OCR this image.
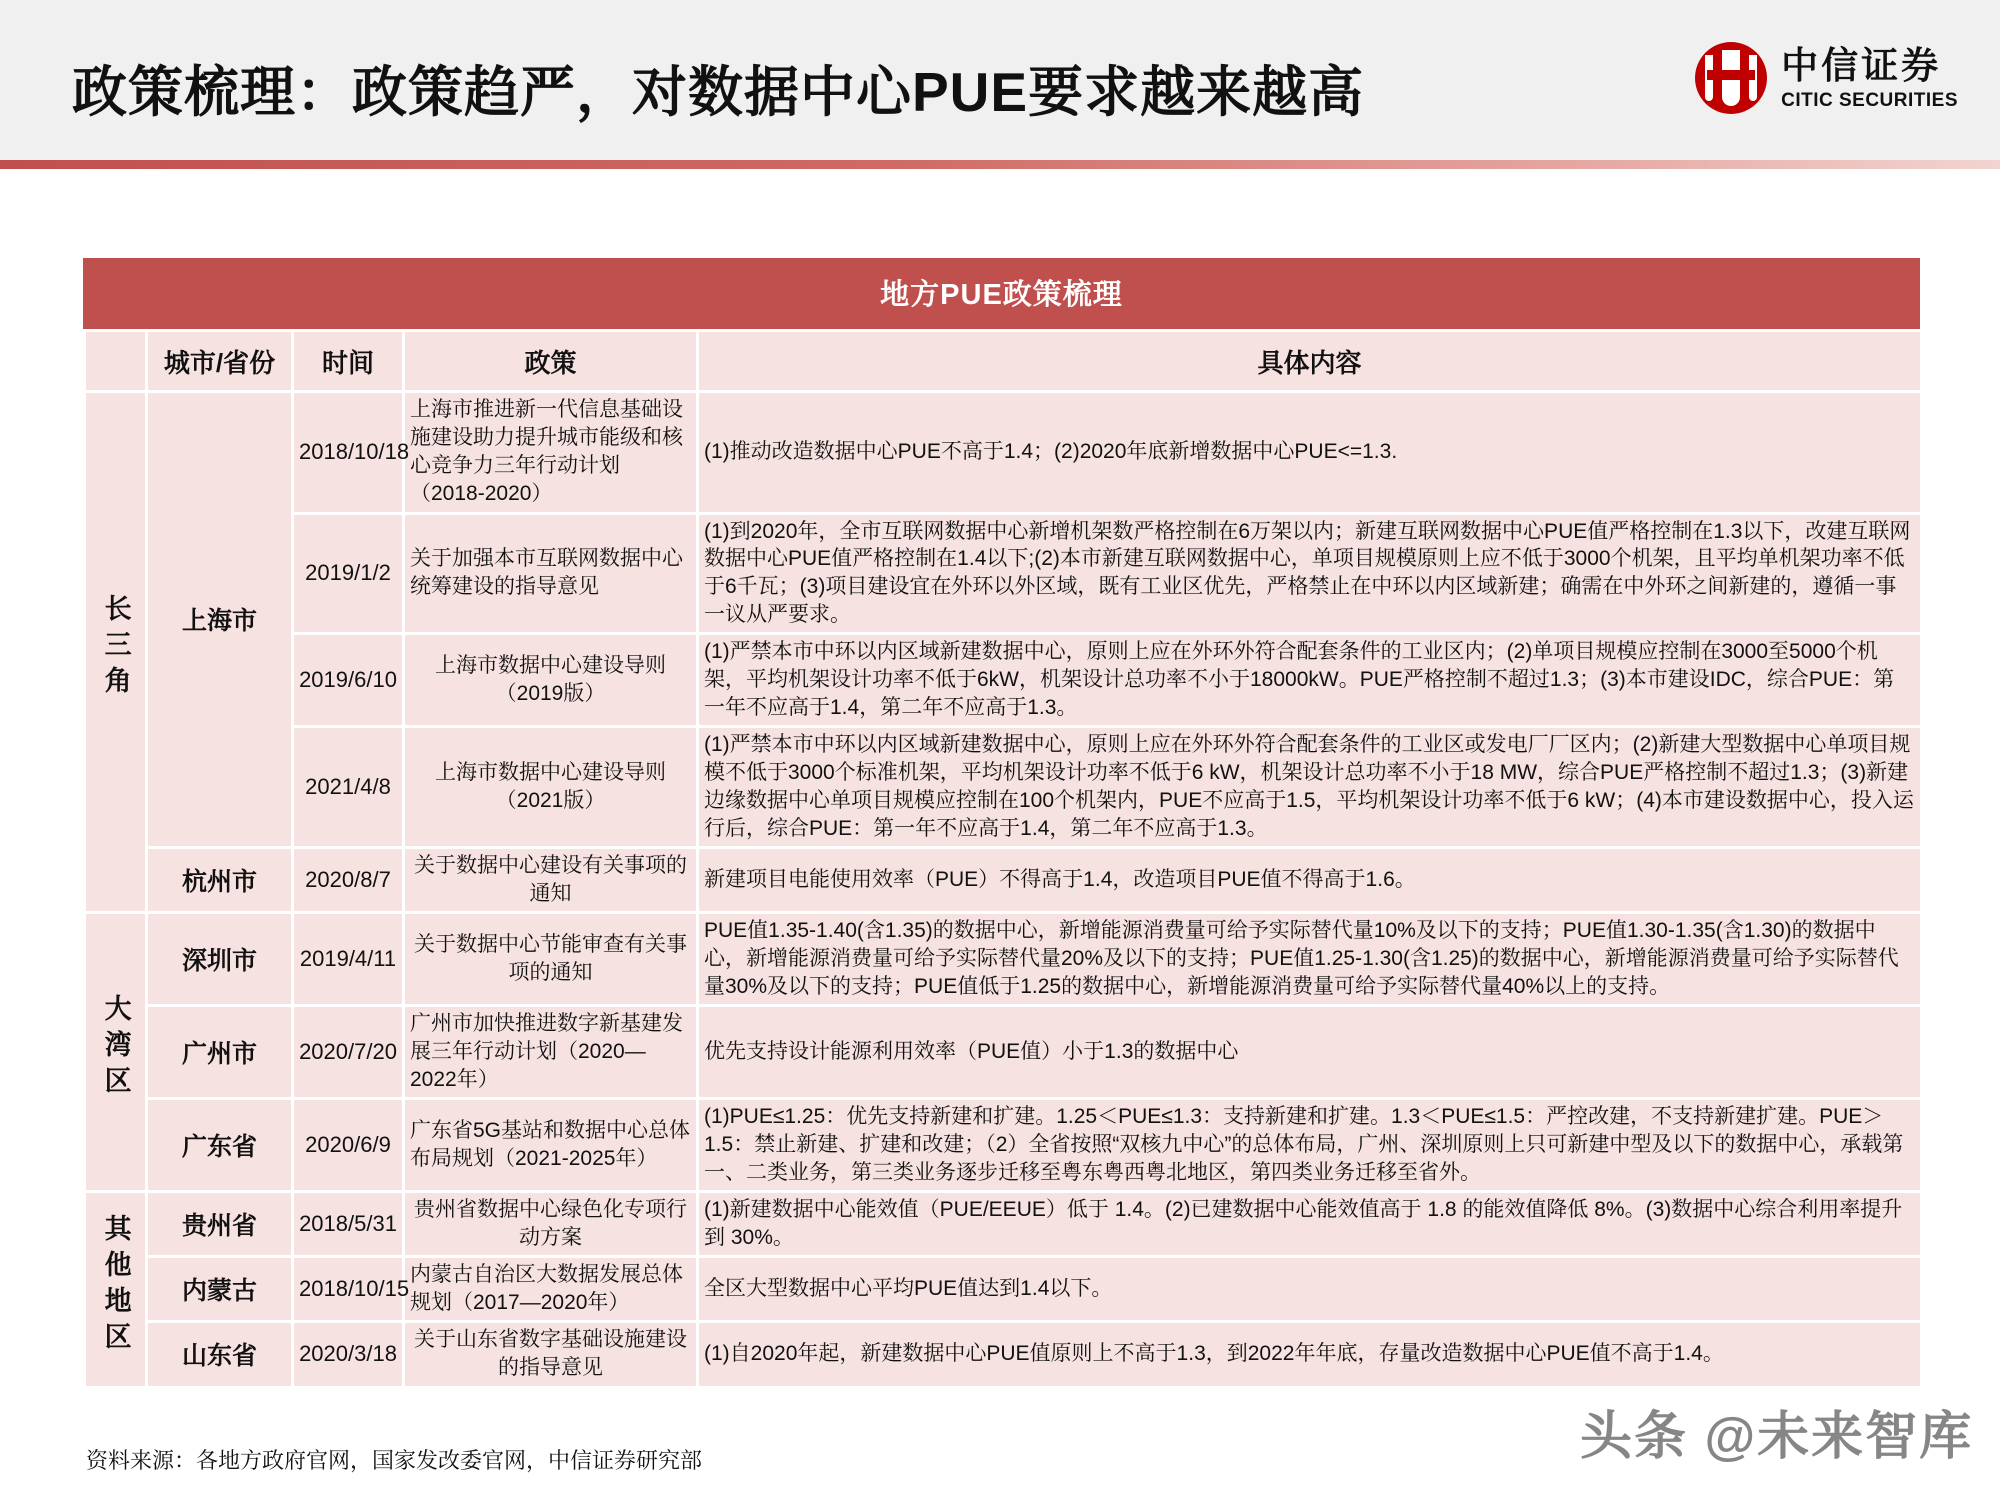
政策梳理：政策趋严，对数据中心PUE要求越来越高	中信证券
CITIC SECURITIES
地方PUE政策梳理
	城市/省份	时间	政策	具体内容
长三角	上海市	2018/10/18	上海市推进新一代信息基础设施建设助力提升城市能级和核心竞争力三年行动计划（2018-2020）	(1)推动改造数据中心PUE不高于1.4；(2)2020年底新增数据中心PUE<=1.3.
		2019/1/2	关于加强本市互联网数据中心统筹建设的指导意见	(1)到2020年，全市互联网数据中心新增机架数严格控制在6万架以内；新建互联网数据中心PUE值严格控制在1.3以下，改建互联网数据中心PUE值严格控制在1.4以下;(2)本市新建互联网数据中心，单项目规模原则上应不低于3000个机架，且平均单机架功率不低于6千瓦；(3)项目建设宜在外环以外区域，既有工业区优先，严格禁止在中环以内区域新建；确需在中外环之间新建的，遵循一事一议从严要求。
		2019/6/10	上海市数据中心建设导则（2019版）	(1)严禁本市中环以内区域新建数据中心，原则上应在外环外符合配套条件的工业区内；(2)单项目规模应控制在3000至5000个机架，平均机架设计功率不低于6kW，机架设计总功率不小于18000kW。PUE严格控制不超过1.3；(3)本市建设IDC，综合PUE：第一年不应高于1.4，第二年不应高于1.3。
		2021/4/8	上海市数据中心建设导则（2021版）	(1)严禁本市中环以内区域新建数据中心，原则上应在外环外符合配套条件的工业区或发电厂厂区内；(2)新建大型数据中心单项目规模不低于3000个标准机架，平均机架设计功率不低于6 kW，机架设计总功率不小于18 MW，综合PUE严格控制不超过1.3；(3)新建边缘数据中心单项目规模应控制在100个机架内，PUE不应高于1.5，平均机架设计功率不低于6 kW；(4)本市建设数据中心，投入运行后，综合PUE：第一年不应高于1.4，第二年不应高于1.3。
	杭州市	2020/8/7	关于数据中心建设有关事项的通知	新建项目电能使用效率（PUE）不得高于1.4，改造项目PUE值不得高于1.6。
大湾区	深圳市	2019/4/11	关于数据中心节能审查有关事项的通知	PUE值1.35-1.40(含1.35)的数据中心，新增能源消费量可给予实际替代量10%及以下的支持；PUE值1.30-1.35(含1.30)的数据中心，新增能源消费量可给予实际替代量20%及以下的支持；PUE值1.25-1.30(含1.25)的数据中心，新增能源消费量可给予实际替代量30%及以下的支持；PUE值低于1.25的数据中心，新增能源消费量可给予实际替代量40%以上的支持。
	广州市	2020/7/20	广州市加快推进数字新基建发展三年行动计划（2020—2022年）	优先支持设计能源利用效率（PUE值）小于1.3的数据中心
	广东省	2020/6/9	广东省5G基站和数据中心总体布局规划（2021-2025年）	(1)PUE≤1.25：优先支持新建和扩建。1.25＜PUE≤1.3：支持新建和扩建。1.3＜PUE≤1.5：严控改建，不支持新建扩建。PUE＞1.5：禁止新建、扩建和改建；（2）全省按照“双核九中心”的总体布局，广州、深圳原则上只可新建中型及以下的数据中心，承载第一、二类业务，第三类业务逐步迁移至粤东粤西粤北地区，第四类业务迁移至省外。
其他地区	贵州省	2018/5/31	贵州省数据中心绿色化专项行动方案	(1)新建数据中心能效值（PUE/EEUE）低于 1.4。(2)已建数据中心能效值高于 1.8 的能效值降低 8%。(3)数据中心综合利用率提升到 30%。
	内蒙古	2018/10/15	内蒙古自治区大数据发展总体规划（2017—2020年）	全区大型数据中心平均PUE值达到1.4以下。
	山东省	2020/3/18	关于山东省数字基础设施建设的指导意见	(1)自2020年起，新建数据中心PUE值原则上不高于1.3，到2022年年底，存量改造数据中心PUE值不高于1.4。
资料来源：各地方政府官网，国家发改委官网，中信证券研究部	头条 @未来智库
